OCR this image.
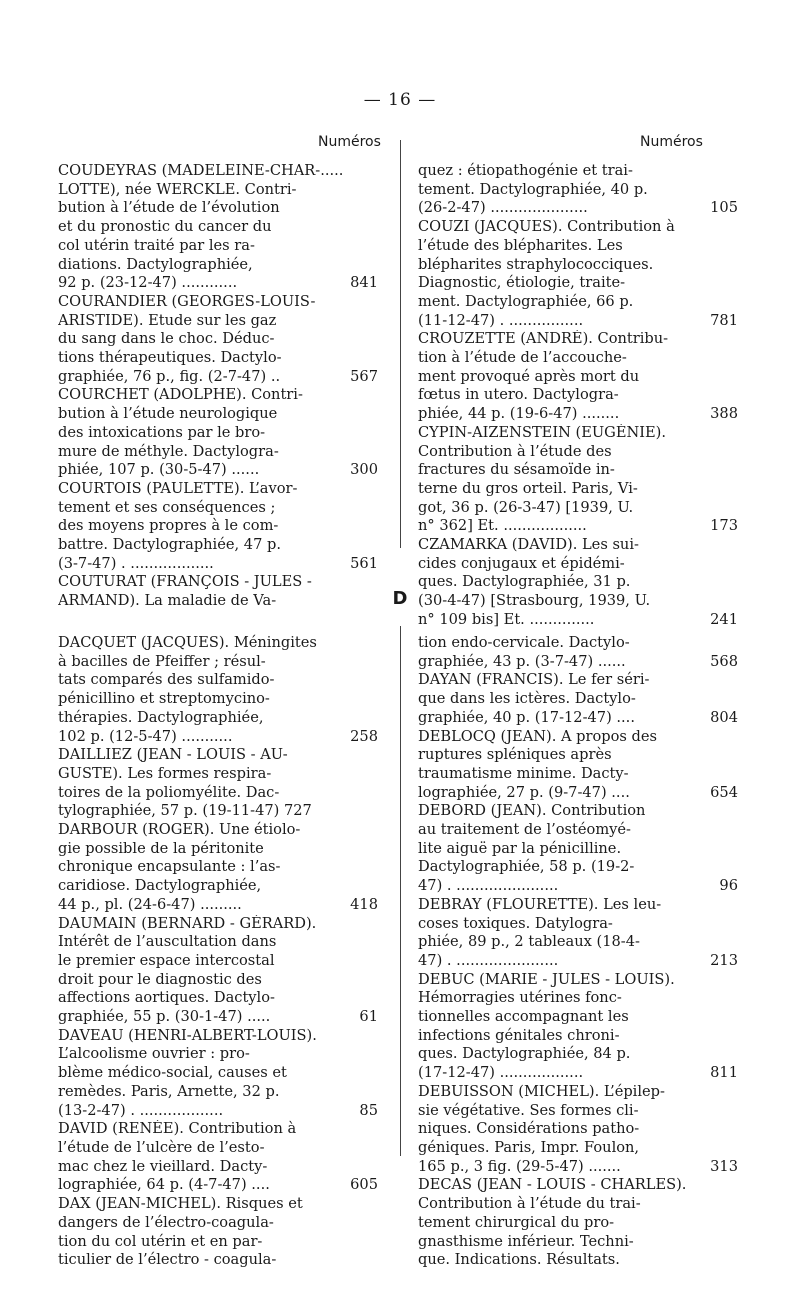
— 16 —
Numéros	Numéros
D
COUDEYRAS (M​ADELEINE-CHAR-.....
LOTTE), née WERCKLE. Contri-
bution à l’étude de l’évolution
et du pronostic du cancer du
col utérin traité par les ra-
diations. Dactylographiée,
92 p. (23-12-47) ............	841
COURANDIER (GEORGES-LOUIS-
ARISTIDE). Etude sur les gaz
du sang dans le choc. Déduc-
tions thérapeutiques. Dactylo-
graphiée, 76 p., fig. (2-7-47) ..	567
COURCHET (ADOLPHE). Contri-
bution à l’étude neurologique
des intoxications par le bro-
mure de méthyle. Dactylogra-
phiée, 107 p. (30-5-47) ......	300
COURTOIS (PAULETTE). L’avor-
tement et ses conséquences ;
des moyens propres à le com-
battre. Dactylographiée, 47 p.
(3-7-47) . ..................	561
COUTURAT (FRANÇOIS - JULES -
ARMAND). La maladie de Va-
quez : étiopathogénie et trai-
tement. Dactylographiée, 40 p.
(26-2-47) .....................	105
COUZI (JACQUES). Contribution à
l’étude des blépharites. Les
blépharites straphylococciques.
Diagnostic, étiologie, traite-
ment. Dactylographiée, 66 p.
(11-12-47) . ................	781
CROUZETTE (ANDRÉ). Contribu-
tion à l’étude de l’accouche-
ment provoqué après mort du
fœtus in utero. Dactylogra-
phiée, 44 p. (19-6-47) ........	388
CYPIN-AIZENSTEIN (EUGÉNIE).
Contribution à l’étude des
fractures du sésamoïde in-
terne du gros orteil. Paris, Vi-
got, 36 p. (26-3-47) [1939, U.
n° 362] Et. ..................	173
CZAMARKA (DAVID). Les sui-
cides conjugaux et épidémi-
ques. Dactylographiée, 31 p.
(30-4-47) [Strasbourg, 1939, U.
n° 109 bis] Et. ..............	241
DACQUET (JACQUES). Méningites
à bacilles de Pfeiffer ; résul-
tats comparés des sulfamido-
pénicillino et streptomycino-
thérapies. Dactylographiée,
102 p. (12-5-47) ...........	258
DAILLIEZ (JEAN - LOUIS - AU-
GUSTE). Les formes respira-
toires de la poliomyélite. Dac-
tylographiée, 57 p. (19-11-47) 727
DARBOUR (ROGER). Une étiolo-
gie possible de la péritonite
chronique encapsulante : l’as-
caridiose. Dactylographiée,
44 p., pl. (24-6-47) .........	418
DAUMAIN (BERNARD - GÉRARD).
Intérêt de l’auscultation dans
le premier espace intercostal
droit pour le diagnostic des
affections aortiques. Dactylo-
graphiée, 55 p. (30-1-47) .....	61
DAVEAU (HENRI-ALBERT-LOUIS).
L’alcoolisme ouvrier : pro-
blème médico-social, causes et
remèdes. Paris, Arnette, 32 p.
(13-2-47) . ..................	85
DAVID (RENÉE). Contribution à
l’étude de l’ulcère de l’esto-
mac chez le vieillard. Dacty-
lographiée, 64 p. (4-7-47) ....	605
DAX (JEAN-MICHEL). Risques et
dangers de l’électro-coagula-
tion du col utérin et en par-
ticulier de l’électro - coagula-
tion endo-cervicale. Dactylo-
graphiée, 43 p. (3-7-47) ......	568
DAYAN (FRANCIS). Le fer séri-
que dans les ictères. Dactylo-
graphiée, 40 p. (17-12-47) ....	804
DEBLOCQ (JEAN). A propos des
ruptures spléniques après
traumatisme minime. Dacty-
lographiée, 27 p. (9-7-47) ....	654
DEBORD (JEAN). Contribution
au traitement de l’ostéomyé-
lite aiguë par la pénicilline.
Dactylographiée, 58 p. (19-2-
47) . ......................	96
DEBRAY (FLOURETTE). Les leu-
coses toxiques. Datylogra-
phiée, 89 p., 2 tableaux (18-4-
47) . ......................	213
DEBUC (MARIE - JULES - LOUIS).
Hémorragies utérines fonc-
tionnelles accompagnant les
infections génitales chroni-
ques. Dactylographiée, 84 p.
(17-12-47) ..................	811
DEBUISSON (MICHEL). L’épilep-
sie végétative. Ses formes cli-
niques. Considérations patho-
géniques. Paris, Impr. Foulon,
165 p., 3 fig. (29-5-47) .......	313
DECAS (JEAN - LOUIS - CHARLES).
Contribution à l’étude du trai-
tement chirurgical du pro-
gnasthisme inférieur. Techni-
que. Indications. Résultats.
